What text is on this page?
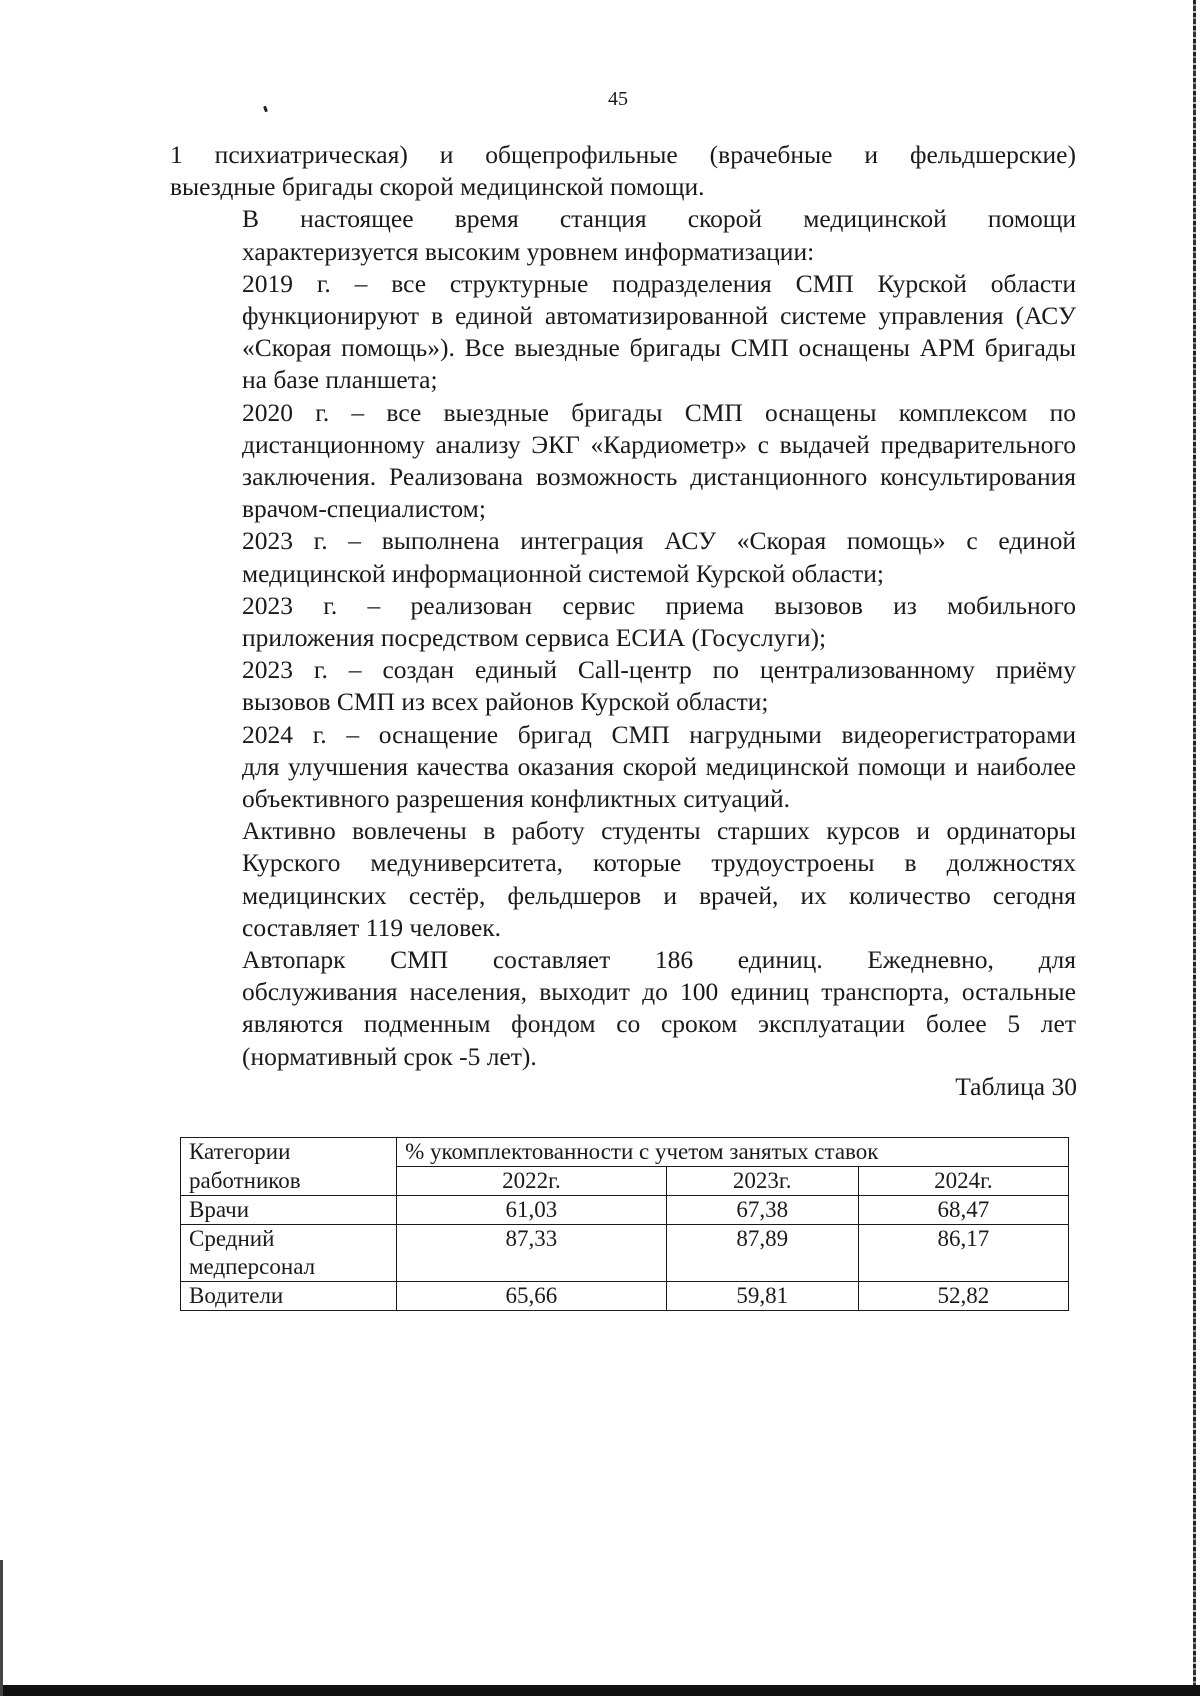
45

1 психиатрическая) и общепрофильные (врачебные и фельдшерские)
выездные бригады скорой медицинской помощи.

В настоящее время станция скорой медицинской помощи
характеризуется высоким уровнем информатизации:

2019 г. – все структурные подразделения СМП Курской области
функционируют в единой автоматизированной системе управления (АСУ
«Скорая помощь»). Все выездные бригады СМП оснащены АРМ бригады
на базе планшета;

2020 г. – все выездные бригады СМП оснащены комплексом по
дистанционному анализу ЭКГ «Кардиометр» с выдачей предварительного
заключения. Реализована возможность дистанционного консультирования
врачом-специалистом;

2023 г. – выполнена интеграция АСУ «Скорая помощь» с единой
медицинской информационной системой Курской области;

2023 г. – реализован сервис приема вызовов из мобильного
приложения посредством сервиса ЕСИА (Госуслуги);

2023 г. – создан единый Call-центр по централизованному приёму
вызовов СМП из всех районов Курской области;

2024 г. – оснащение бригад СМП нагрудными видеорегистраторами
для улучшения качества оказания скорой медицинской помощи и наиболее
объективного разрешения конфликтных ситуаций.

Активно вовлечены в работу студенты старших курсов и ординаторы
Курского медуниверситета, которые трудоустроены в должностях
медицинских сестёр, фельдшеров и врачей, их количество сегодня
составляет 119 человек.

Автопарк СМП составляет 186 единиц. Ежедневно, для
обслуживания населения, выходит до 100 единиц транспорта, остальные
являются подменным фондом со сроком эксплуатации более 5 лет
(нормативный срок -5 лет).

Таблица 30
Категории	% укомплектованности с учетом занятых ставок		
работников	2022г.	2023г.	2024г.
Врачи	61,03	67,38	68,47

Средний
медперсонал	87,33	87,89	86,17
Водители	65,66	59,81	52,82
